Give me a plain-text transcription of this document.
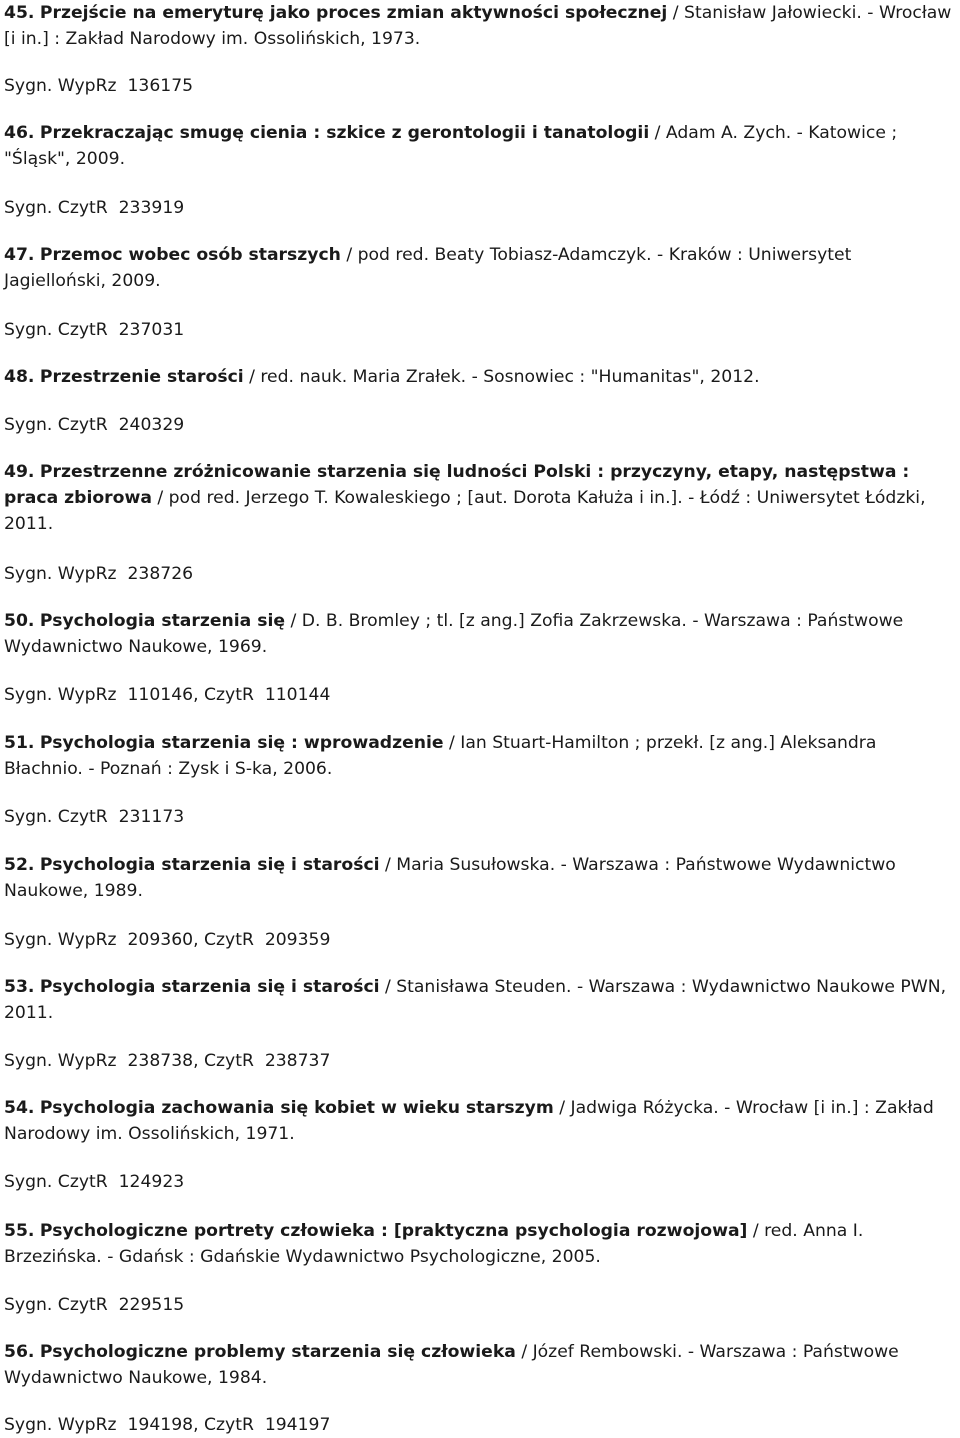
45. Przejście na emeryturę jako proces zmian aktywności społecznej / Stanisław Jałowiecki. - Wrocław [i in.] : Zakład Narodowy im. Ossolińskich, 1973.

Sygn. WypRz  136175

46. Przekraczając smugę cienia : szkice z gerontologii i tanatologii / Adam A. Zych. - Katowice ; "Śląsk", 2009.

Sygn. CzytR  233919

47. Przemoc wobec osób starszych / pod red. Beaty Tobiasz-Adamczyk. - Kraków : Uniwersytet Jagielloński, 2009.

Sygn. CzytR  237031

48. Przestrzenie starości / red. nauk. Maria Zrałek. - Sosnowiec : "Humanitas", 2012.

Sygn. CzytR  240329

49. Przestrzenne zróżnicowanie starzenia się ludności Polski : przyczyny, etapy, następstwa : praca zbiorowa / pod red. Jerzego T. Kowaleskiego ; [aut. Dorota Kałuża i in.]. - Łódź : Uniwersytet Łódzki, 2011.

Sygn. WypRz  238726

50. Psychologia starzenia się / D. B. Bromley ; tl. [z ang.] Zofia Zakrzewska. - Warszawa : Państwowe Wydawnictwo Naukowe, 1969.

Sygn. WypRz  110146, CzytR  110144

51. Psychologia starzenia się : wprowadzenie / Ian Stuart-Hamilton ; przekł. [z ang.] Aleksandra Błachnio. - Poznań : Zysk i S-ka, 2006.

Sygn. CzytR  231173

52. Psychologia starzenia się i starości / Maria Susułowska. - Warszawa : Państwowe Wydawnictwo Naukowe, 1989.

Sygn. WypRz  209360, CzytR  209359

53. Psychologia starzenia się i starości / Stanisława Steuden. - Warszawa : Wydawnictwo Naukowe PWN, 2011.

Sygn. WypRz  238738, CzytR  238737

54. Psychologia zachowania się kobiet w wieku starszym / Jadwiga Różycka. - Wrocław [i in.] : Zakład Narodowy im. Ossolińskich, 1971.

Sygn. CzytR  124923

55. Psychologiczne portrety człowieka : [praktyczna psychologia rozwojowa] / red. Anna I. Brzezińska. - Gdańsk : Gdańskie Wydawnictwo Psychologiczne, 2005.

Sygn. CzytR  229515

56. Psychologiczne problemy starzenia się człowieka / Józef Rembowski. - Warszawa : Państwowe Wydawnictwo Naukowe, 1984.

Sygn. WypRz  194198, CzytR  194197
